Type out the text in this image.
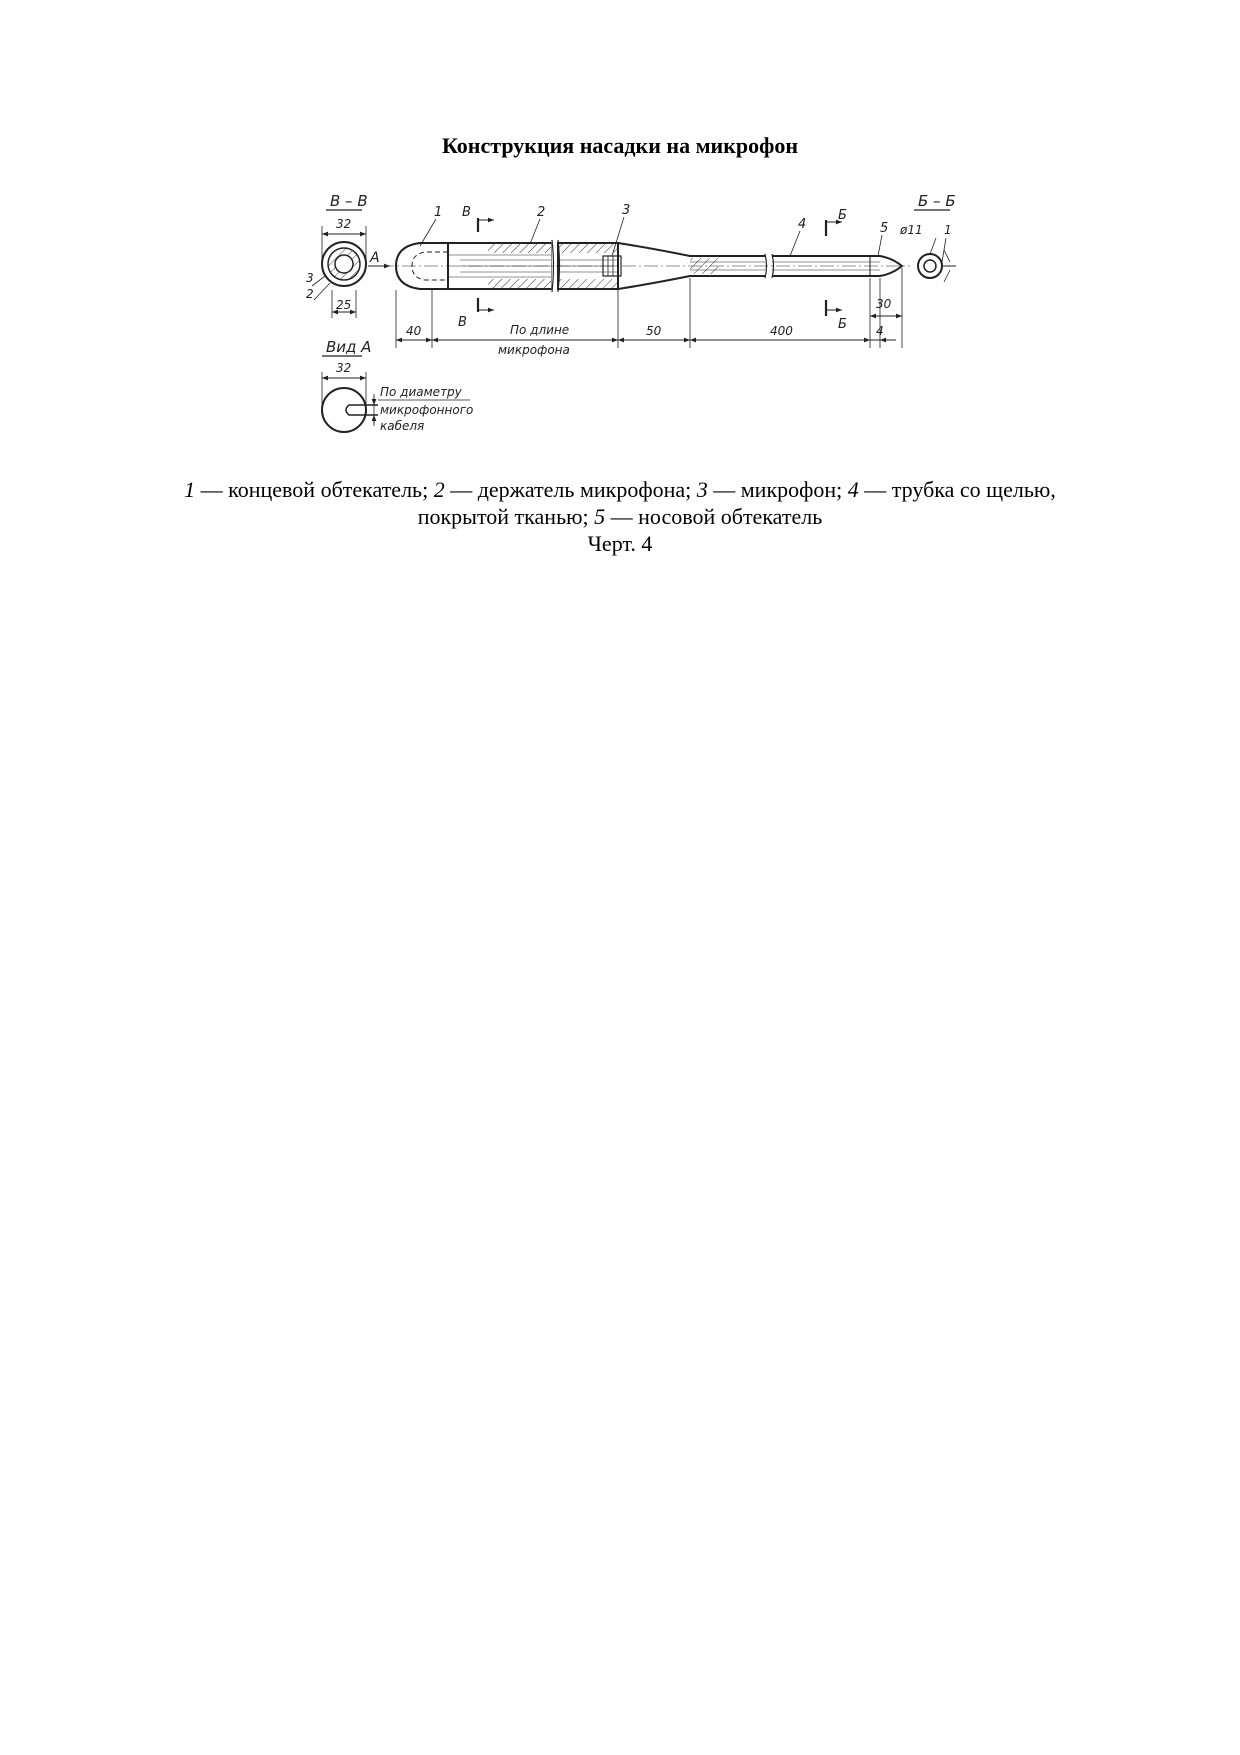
Конструкция насадки на микрофон
В – В
32
3
2
25
А
1	2	3
4	5
В
В
Б
Б
40	По длине
микрофона
50	400
30
4
Б – Б
ø11 1
Вид А
32
По диаметру
микрофонного
кабеля
1 — концевой обтекатель; 2 — держатель микрофона; 3 — микрофон; 4 — трубка со щелью, покрытой тканью; 5 — носовой обтекатель
Черт. 4
